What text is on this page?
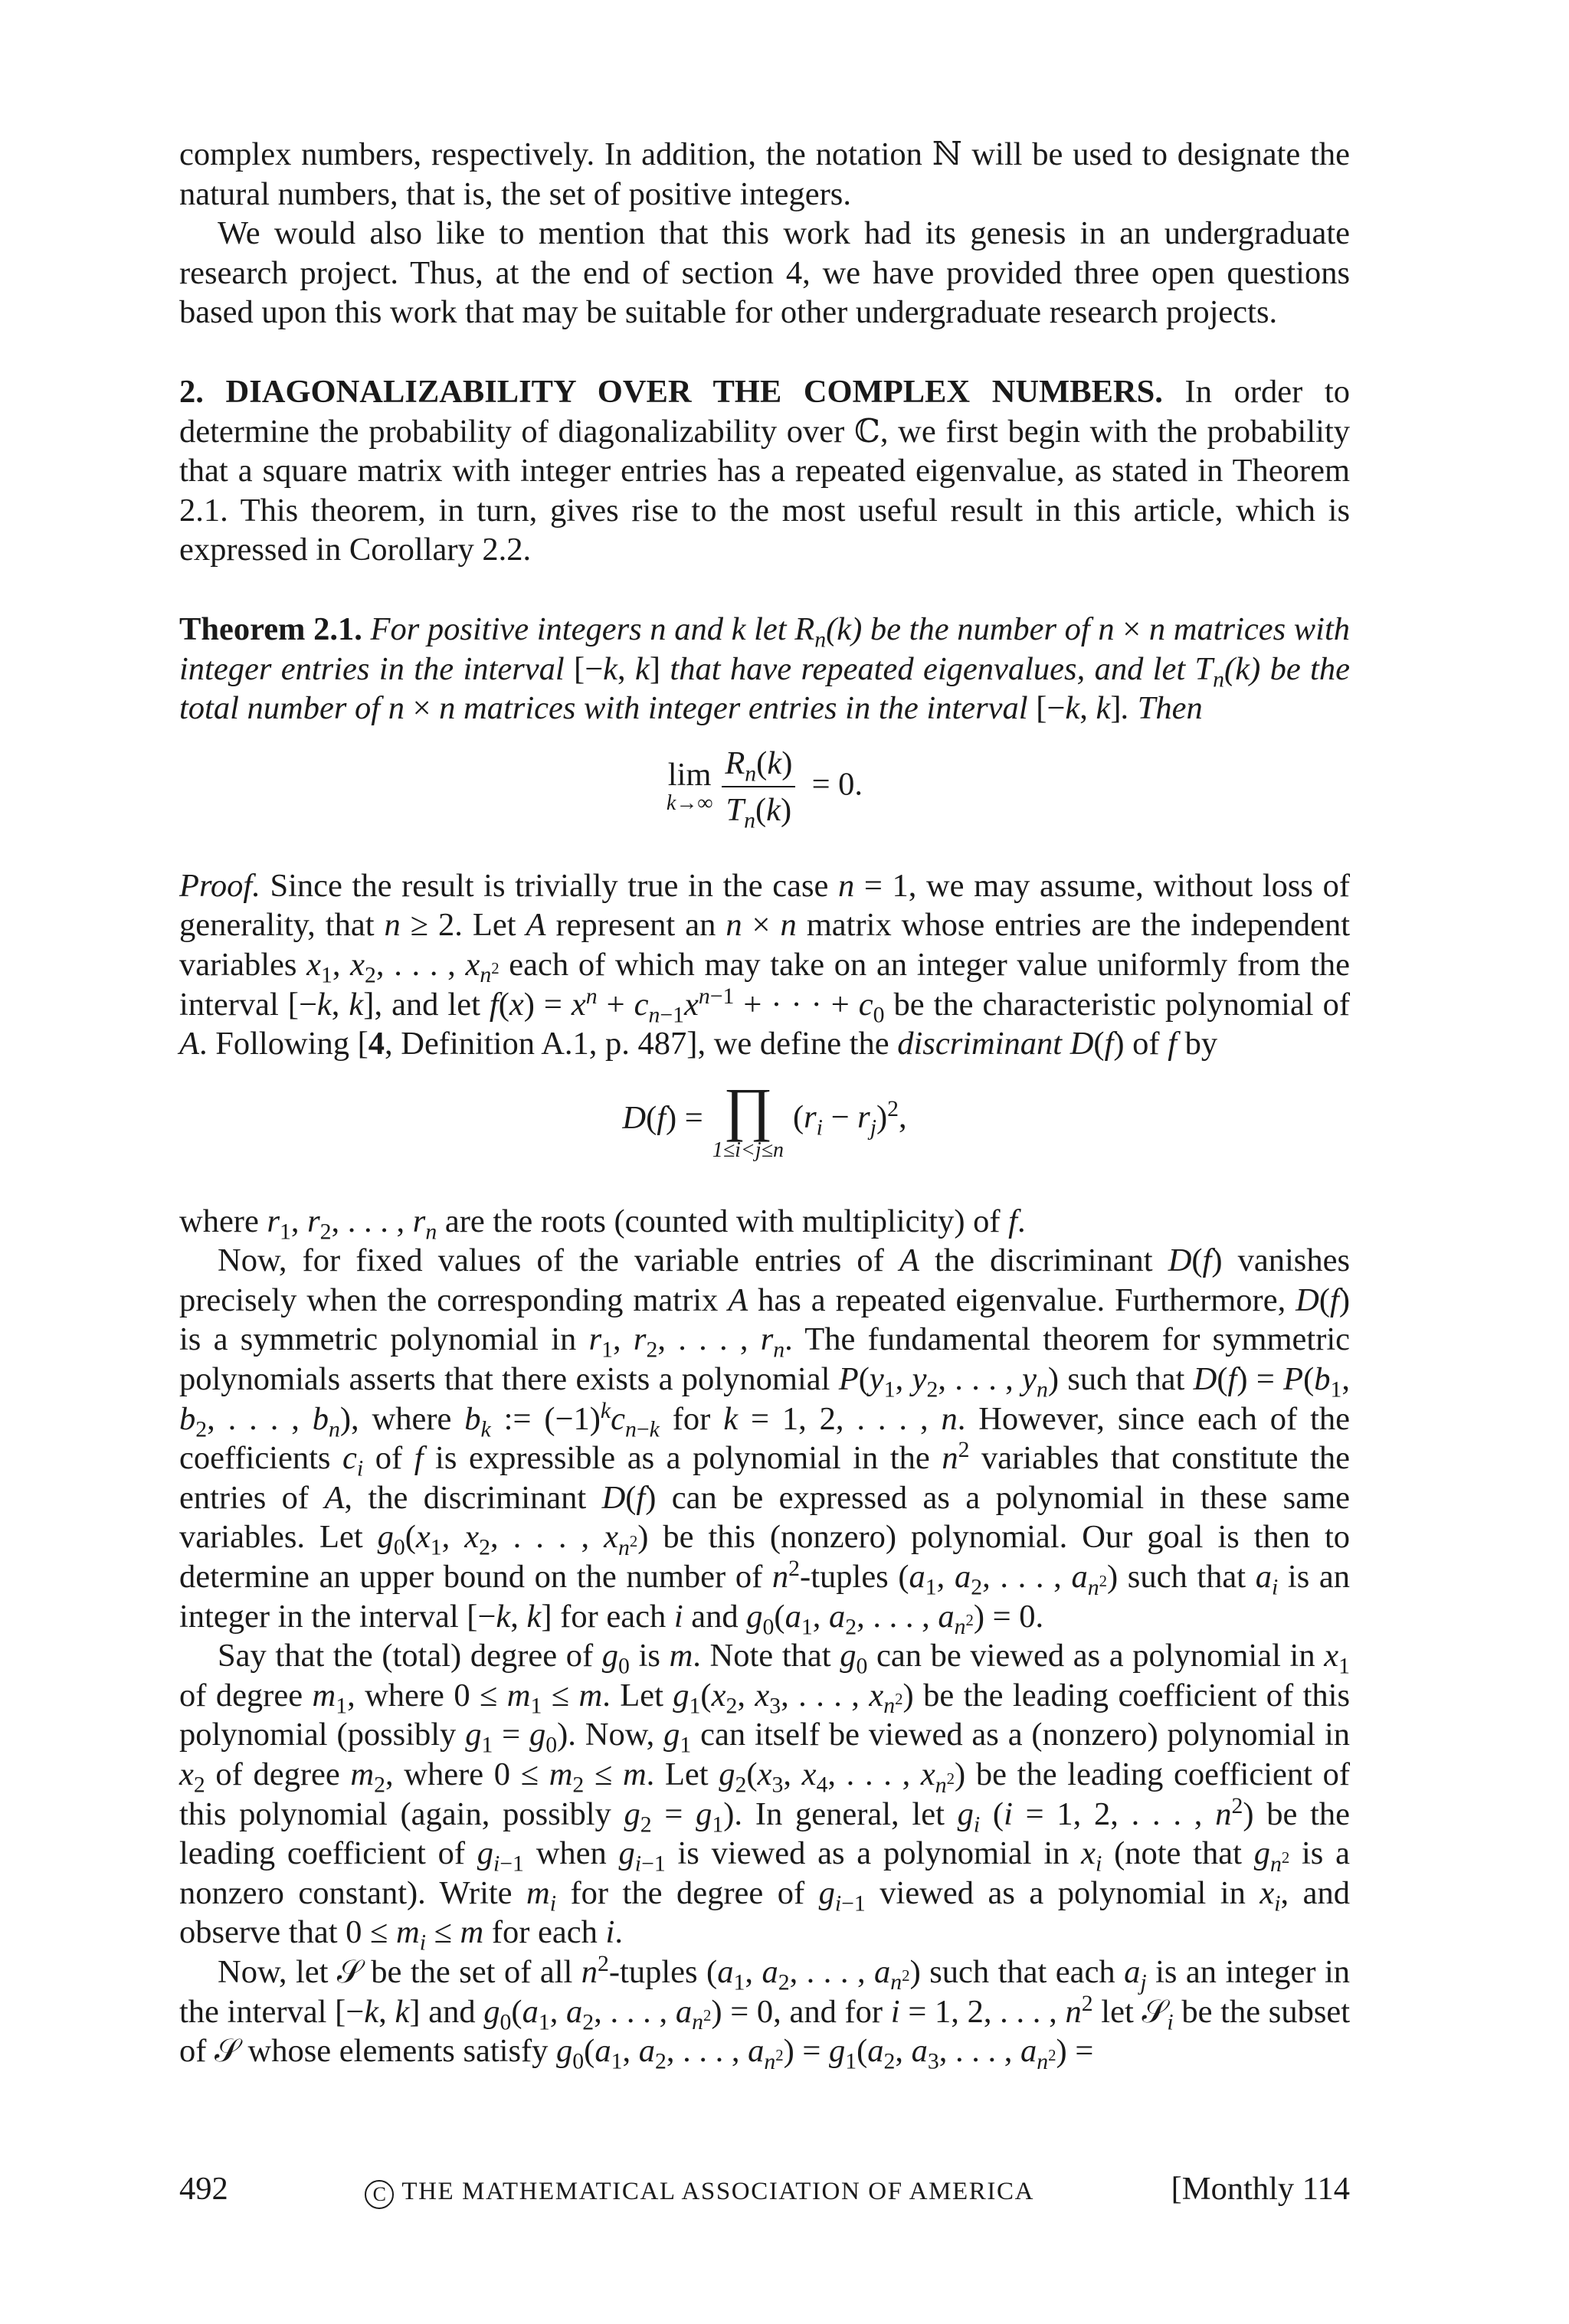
complex numbers, respectively. In addition, the notation ℕ will be used to designate the natural numbers, that is, the set of positive integers.

We would also like to mention that this work had its genesis in an undergraduate research project. Thus, at the end of section 4, we have provided three open questions based upon this work that may be suitable for other undergraduate research projects.

2. DIAGONALIZABILITY OVER THE COMPLEX NUMBERS. In order to determine the probability of diagonalizability over ℂ, we first begin with the probability that a square matrix with integer entries has a repeated eigenvalue, as stated in Theorem 2.1. This theorem, in turn, gives rise to the most useful result in this article, which is expressed in Corollary 2.2.

Theorem 2.1. For positive integers n and k let $R_n(k)$ be the number of n × n matrices with integer entries in the interval [−k, k] that have repeated eigenvalues, and let $T_n(k)$ be the total number of n × n matrices with integer entries in the interval [−k, k]. Then

lim
$k\to\infty \frac{R_n(k)}{T_n(k)} = 0$.

Proof. Since the result is trivially true in the case n = 1, we may assume, without loss of generality, that n ≥ 2. Let A represent an n × n matrix whose entries are the independent variables $x_1$, $x_2$, . . . , $x_{n^2}$ each of which may take on an integer value uniformly from the interval [−k, k], and let $f(x) = x^n + c_{n-1}x^{n-1}$ + · · · + $c_0$ be the characteristic polynomial of A. Following [4, Definition A.1, p. 487], we define the discriminant D(f) of f by

D(f) = ∏
1≤i<j≤n
$(r_i - r_j)^2$,

where $r_1$, $r_2$, . . . , $r_n$ are the roots (counted with multiplicity) of f.

Now, for fixed values of the variable entries of A the discriminant D(f) vanishes precisely when the corresponding matrix A has a repeated eigenvalue. Furthermore, D(f) is a symmetric polynomial in $r_1$, $r_2$, . . . , $r_n$. The fundamental theorem for symmetric polynomials asserts that there exists a polynomial $P(y_1$, $y_2$, . . . , $y_n$) such that $D(f) = P(b_1$, $b_2$, . . . , $b_n$), where $b_k$ := $(-1)^kc_{n-k}$ for k = 1, 2, . . . , n. However, since each of the coefficients $c_i$ of f is expressible as a polynomial in the $n^2$ variables that constitute the entries of A, the discriminant D(f) can be expressed as a polynomial in these same variables. Let $g_0(x_1$, $x_2$, . . . , $x_{n^2}$) be this (nonzero) polynomial. Our goal is then to determine an upper bound on the number of $n^2$-tuples ($a_1$, $a_2$, . . . , $a_{n^2}$) such that $a_i$ is an integer in the interval [−k, k] for each i and $g_0(a_1$, $a_2$, . . . , $a_{n^2}) = 0$.

Say that the (total) degree of $g_0$ is m. Note that $g_0$ can be viewed as a polynomial in $x_1$ of degree $m_1$, where $0 \le m_1 \le m$. Let $g_1(x_2$, $x_3$, . . . , $x_{n^2}$) be the leading coefficient of this polynomial (possibly $g_1 = g_0$). Now, $g_1$ can itself be viewed as a (nonzero) polynomial in $x_2$ of degree $m_2$, where $0 \le m_2 \le m$. Let $g_2(x_3$, $x_4$, . . . , $x_{n^2}$) be the leading coefficient of this polynomial (again, possibly $g_2 = g_1$). In general, let $g_i$ (i = 1, 2, . . . , $n^2$) be the leading coefficient of $g_{i-1}$ when $g_{i-1}$ is viewed as a polynomial in $x_i$ (note that $g_{n^2}$ is a nonzero constant). Write $m_i$ for the degree of $g_{i-1}$ viewed as a polynomial in $x_i$, and observe that $0 \le m_i \le m$ for each i.

Now, let 𝒮 be the set of all $n^2$-tuples ($a_1$, $a_2$, . . . , $a_{n^2}$) such that each $a_j$ is an integer in the interval [−k, k] and $g_0(a_1$, $a_2$, . . . , $a_{n^2}) = 0$, and for i = 1, 2, . . . , $n^2$ let 𝒮$_i$ be the subset of 𝒮 whose elements satisfy $g_0(a_1$, $a_2$, . . . , $a_{n^2}) = g_1(a_2$, $a_3$, . . . , $a_{n^2}$) =

492	C THE MATHEMATICAL ASSOCIATION OF AMERICA	[Monthly 114
